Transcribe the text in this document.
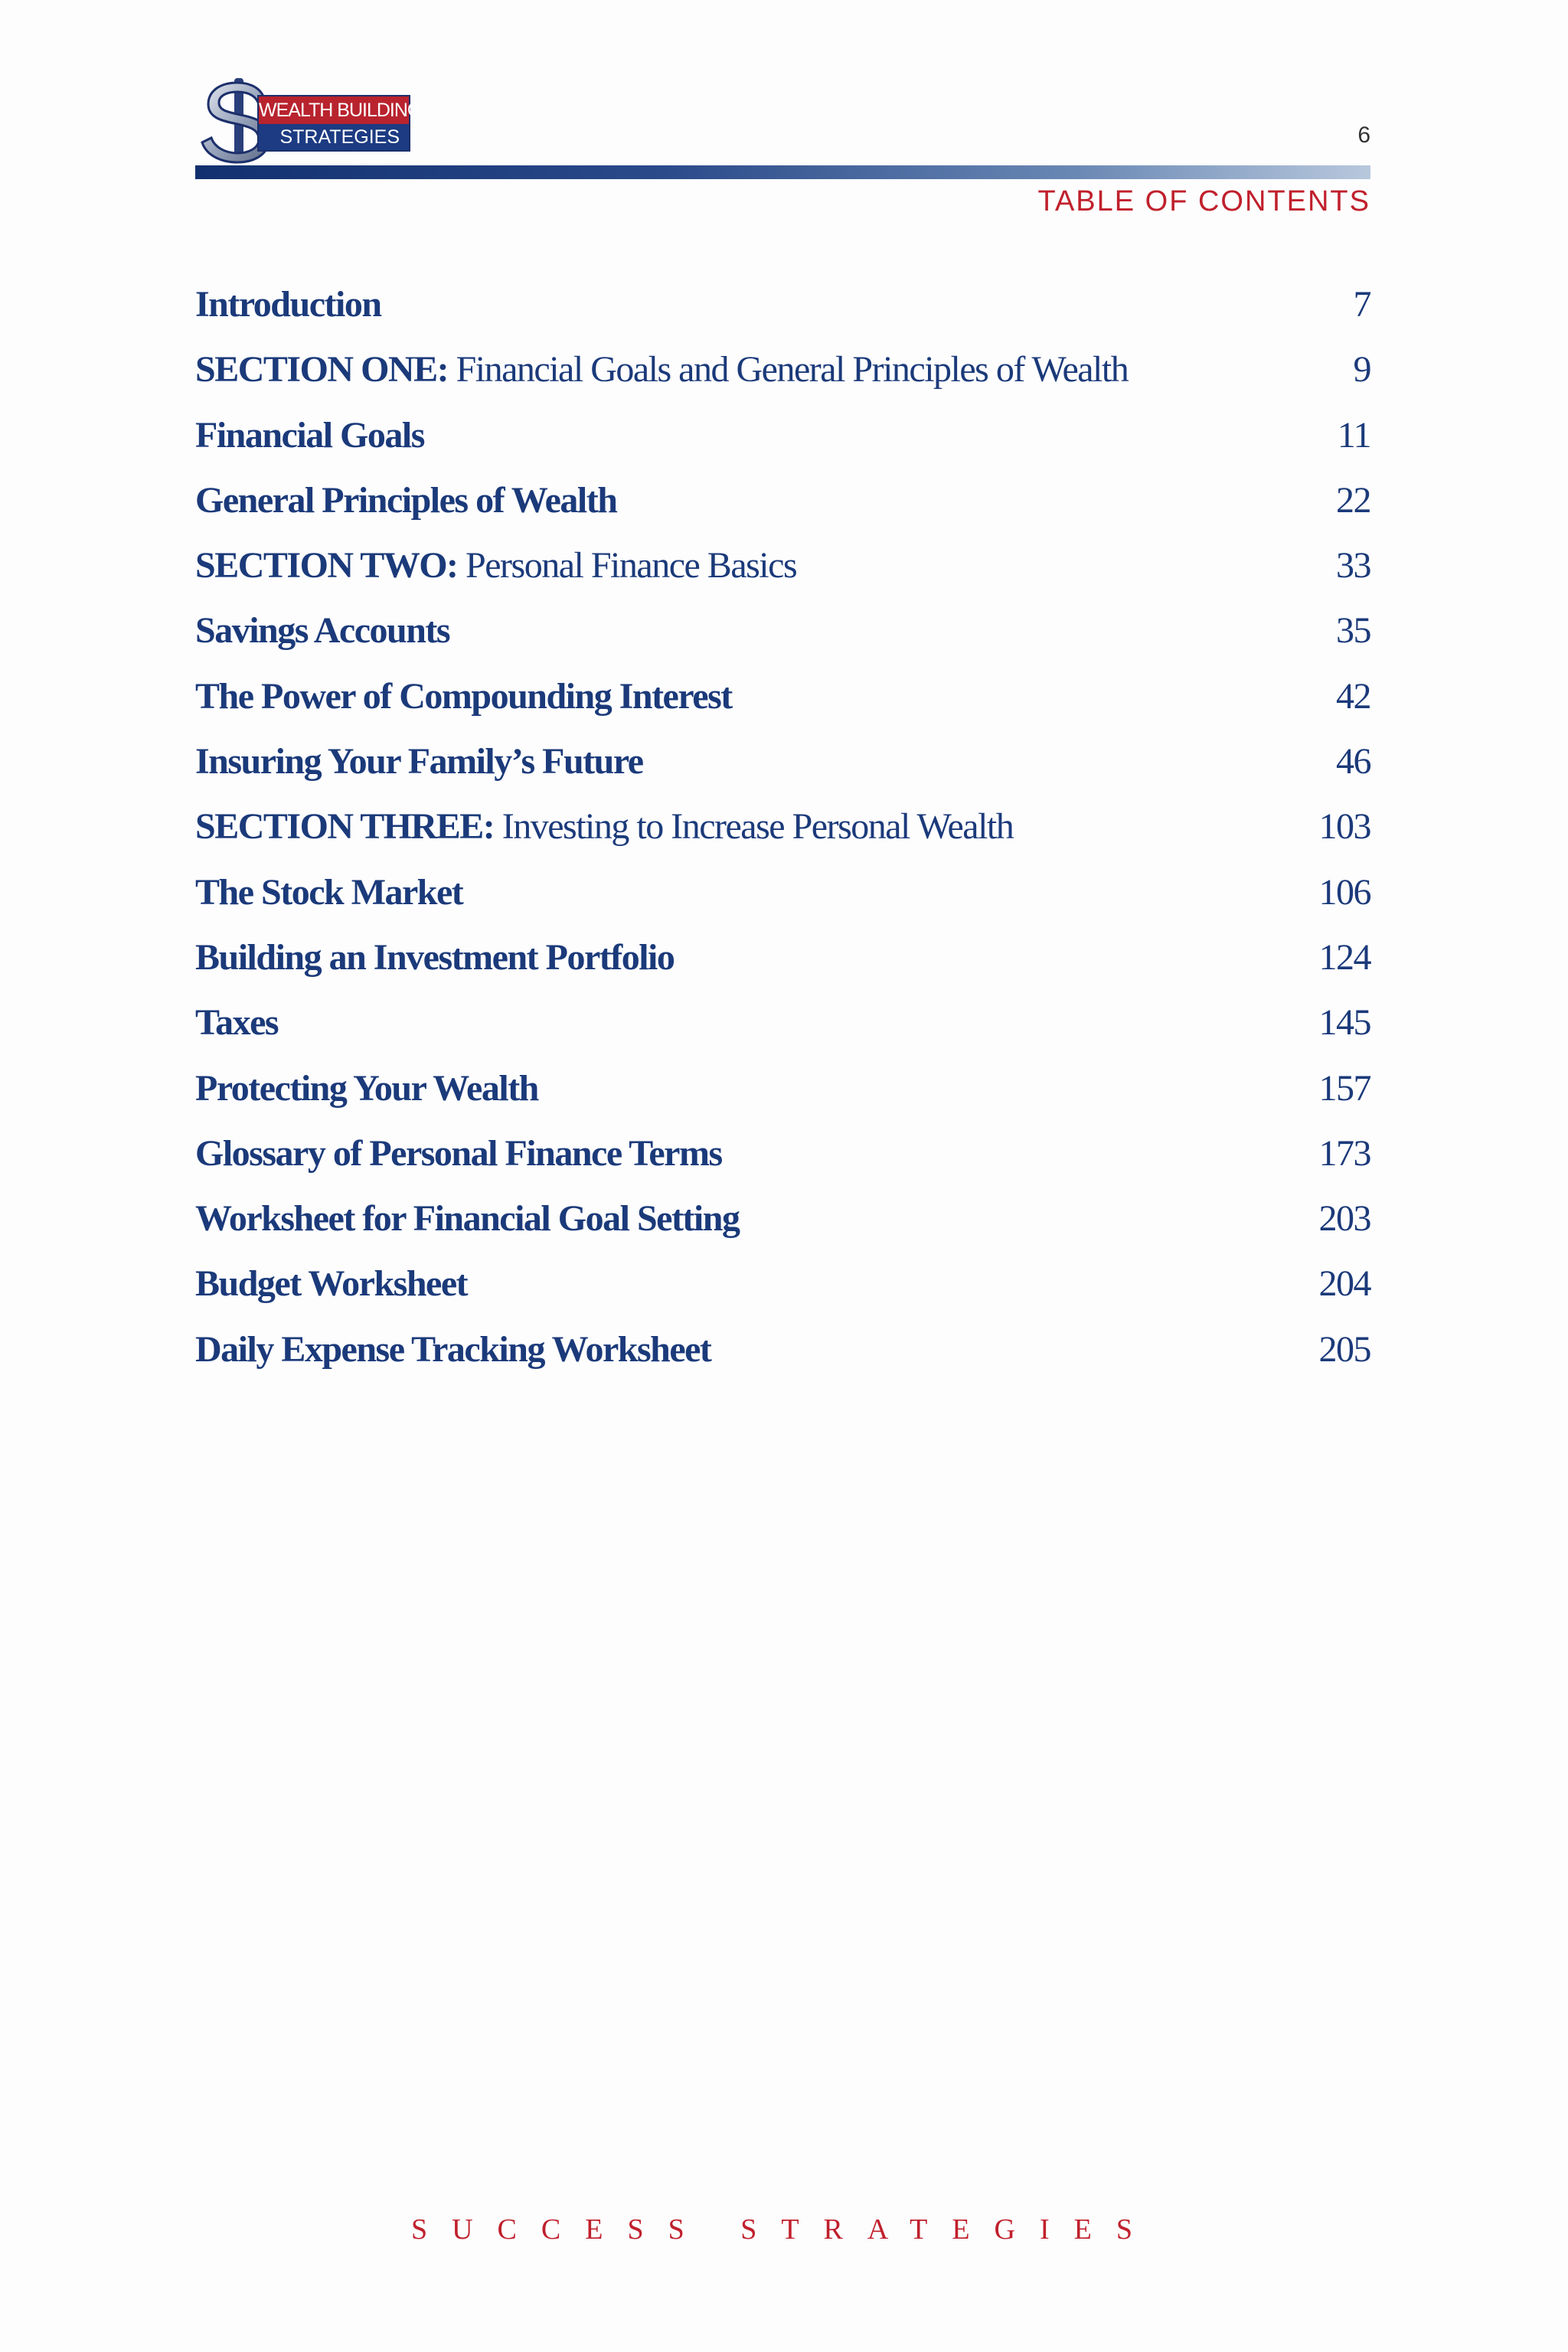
WEALTH BUILDING
STRATEGIES	6
TABLE OF CONTENTS
Introduction	7
SECTION ONE: Financial Goals and General Principles of Wealth	9
Financial Goals	11
General Principles of Wealth	22
SECTION TWO: Personal Finance Basics	33
Savings Accounts	35
The Power of Compounding Interest	42
Insuring Your Family’s Future	46
SECTION THREE: Investing to Increase Personal Wealth	103
The Stock Market	106
Building an Investment Portfolio	124
Taxes	145
Protecting Your Wealth	157
Glossary of Personal Finance Terms	173
Worksheet for Financial Goal Setting	203
Budget Worksheet	204
Daily Expense Tracking Worksheet	205
SUCCESS STRATEGIES
